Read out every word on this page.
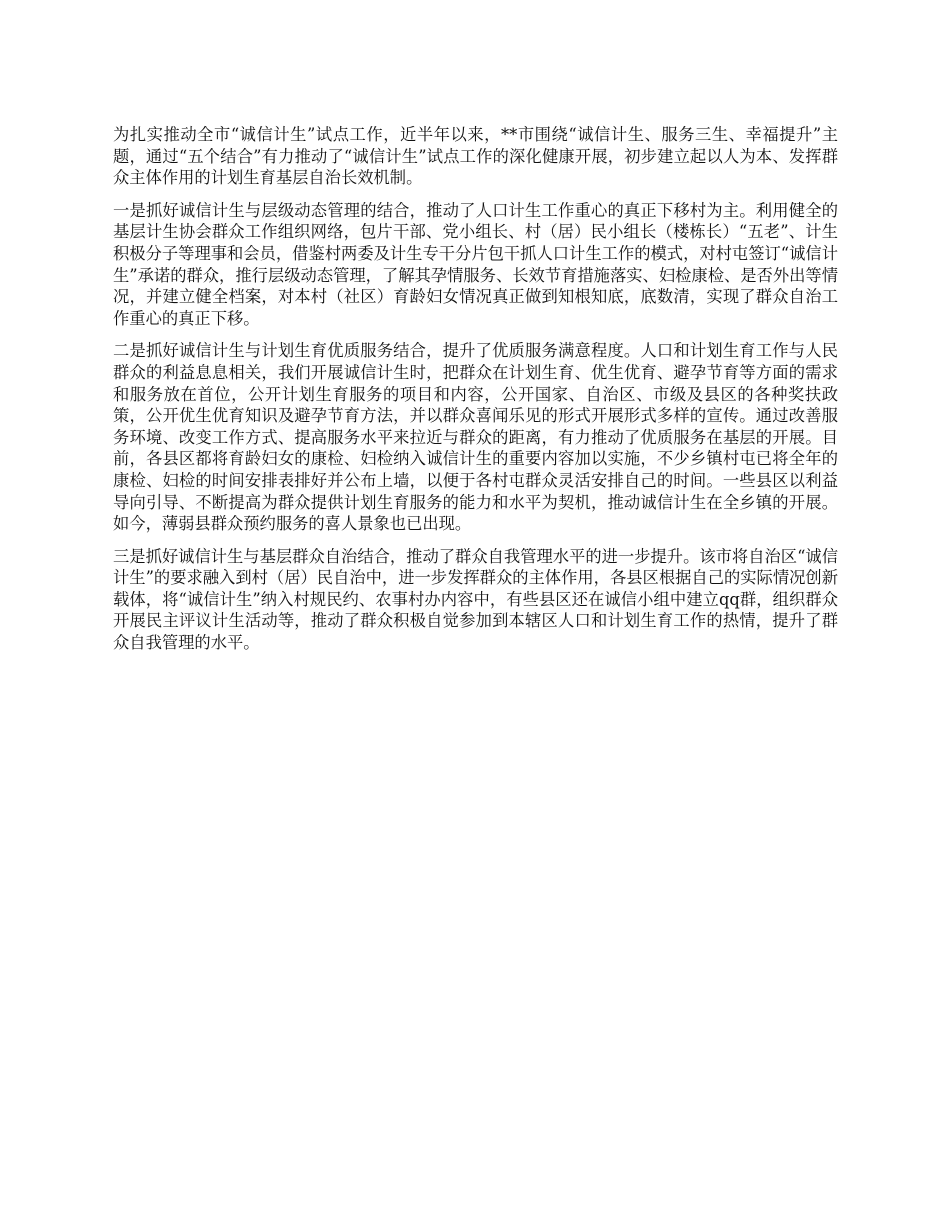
为扎实推动全市“诚信计生”试点工作，近半年以来，**市围绕“诚信计生、服务三生、幸福提升”主题，通过“五个结合”有力推动了“诚信计生”试点工作的深化健康开展，初步建立起以人为本、发挥群众主体作用的计划生育基层自治长效机制。

一是抓好诚信计生与层级动态管理的结合，推动了人口计生工作重心的真正下移村为主。利用健全的基层计生协会群众工作组织网络，包片干部、党小组长、村（居）民小组长（楼栋长）“五老”、计生积极分子等理事和会员，借鉴村两委及计生专干分片包干抓人口计生工作的模式，对村屯签订“诚信计生”承诺的群众，推行层级动态管理，了解其孕情服务、长效节育措施落实、妇检康检、是否外出等情况，并建立健全档案，对本村（社区）育龄妇女情况真正做到知根知底，底数清，实现了群众自治工作重心的真正下移。

二是抓好诚信计生与计划生育优质服务结合，提升了优质服务满意程度。人口和计划生育工作与人民群众的利益息息相关，我们开展诚信计生时，把群众在计划生育、优生优育、避孕节育等方面的需求和服务放在首位，公开计划生育服务的项目和内容，公开国家、自治区、市级及县区的各种奖扶政策，公开优生优育知识及避孕节育方法，并以群众喜闻乐见的形式开展形式多样的宣传。通过改善服务环境、改变工作方式、提高服务水平来拉近与群众的距离，有力推动了优质服务在基层的开展。目前，各县区都将育龄妇女的康检、妇检纳入诚信计生的重要内容加以实施，不少乡镇村屯已将全年的康检、妇检的时间安排表排好并公布上墙，以便于各村屯群众灵活安排自己的时间。一些县区以利益导向引导、不断提高为群众提供计划生育服务的能力和水平为契机，推动诚信计生在全乡镇的开展。如今，薄弱县群众预约服务的喜人景象也已出现。

三是抓好诚信计生与基层群众自治结合，推动了群众自我管理水平的进一步提升。该市将自治区“诚信计生”的要求融入到村（居）民自治中，进一步发挥群众的主体作用，各县区根据自己的实际情况创新载体，将“诚信计生”纳入村规民约、农事村办内容中，有些县区还在诚信小组中建立qq群，组织群众开展民主评议计生活动等，推动了群众积极自觉参加到本辖区人口和计划生育工作的热情，提升了群众自我管理的水平。
